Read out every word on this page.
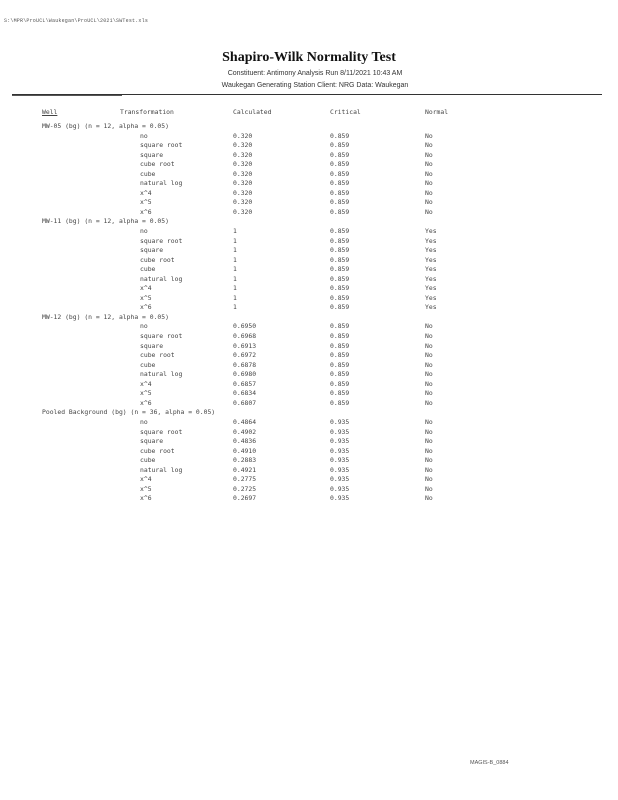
S:\MPR\ProUCL\Waukegan\ProUCL\2021\SWTest.xls
Shapiro-Wilk Normality Test
Constituent: Antimony Analysis Run 8/11/2021 10:43 AM
Waukegan Generating Station Client: NRG Data: Waukegan
Well	Transformation	Calculated	Critical	Normal
MW-05 (bg) (n = 12, alpha = 0.05)
no	0.320	0.859	No
square root	0.320	0.859	No
square	0.320	0.859	No
cube root	0.320	0.859	No
cube	0.320	0.859	No
natural log	0.320	0.859	No
x^4	0.320	0.859	No
x^5	0.320	0.859	No
x^6	0.320	0.859	No
MW-11 (bg) (n = 12, alpha = 0.05)
no	1	0.859	Yes
square root	1	0.859	Yes
square	1	0.859	Yes
cube root	1	0.859	Yes
cube	1	0.859	Yes
natural log	1	0.859	Yes
x^4	1	0.859	Yes
x^5	1	0.859	Yes
x^6	1	0.859	Yes
MW-12 (bg) (n = 12, alpha = 0.05)
no	0.6950	0.859	No
square root	0.6968	0.859	No
square	0.6913	0.859	No
cube root	0.6972	0.859	No
cube	0.6878	0.859	No
natural log	0.6980	0.859	No
x^4	0.6857	0.859	No
x^5	0.6834	0.859	No
x^6	0.6807	0.859	No
Pooled Background (bg) (n = 36, alpha = 0.05)
no	0.4864	0.935	No
square root	0.4902	0.935	No
square	0.4836	0.935	No
cube root	0.4910	0.935	No
cube	0.2883	0.935	No
natural log	0.4921	0.935	No
x^4	0.2775	0.935	No
x^5	0.2725	0.935	No
x^6	0.2697	0.935	No
MAGIS-B_0884
